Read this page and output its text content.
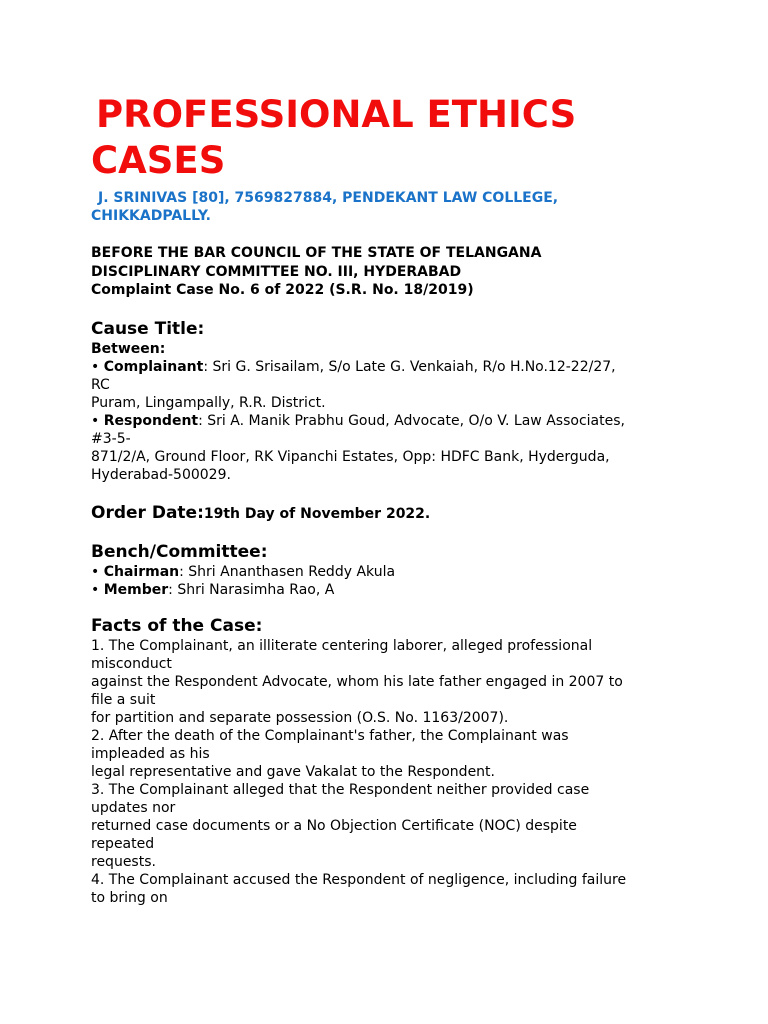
PROFESSIONAL ETHICS
CASES
J. SRINIVAS [80], 7569827884, PENDEKANT LAW COLLEGE,
CHIKKADPALLY.
BEFORE THE BAR COUNCIL OF THE STATE OF TELANGANA
DISCIPLINARY COMMITTEE NO. III, HYDERABAD
Complaint Case No. 6 of 2022 (S.R. No. 18/2019)
Cause Title:
Between:
• Complainant: Sri G. Srisailam, S/o Late G. Venkaiah, R/o H.No.12-22/27,
RC
Puram, Lingampally, R.R. District.
• Respondent: Sri A. Manik Prabhu Goud, Advocate, O/o V. Law Associates,
#3-5-
871/2/A, Ground Floor, RK Vipanchi Estates, Opp: HDFC Bank, Hyderguda,
Hyderabad-500029.
Order Date:19th Day of November 2022.
Bench/Committee:
• Chairman: Shri Ananthasen Reddy Akula
• Member: Shri Narasimha Rao, A
Facts of the Case:
1. The Complainant, an illiterate centering laborer, alleged professional
misconduct
against the Respondent Advocate, whom his late father engaged in 2007 to
file a suit
for partition and separate possession (O.S. No. 1163/2007).
2. After the death of the Complainant's father, the Complainant was
impleaded as his
legal representative and gave Vakalat to the Respondent.
3. The Complainant alleged that the Respondent neither provided case
updates nor
returned case documents or a No Objection Certificate (NOC) despite
repeated
requests.
4. The Complainant accused the Respondent of negligence, including failure
to bring on
